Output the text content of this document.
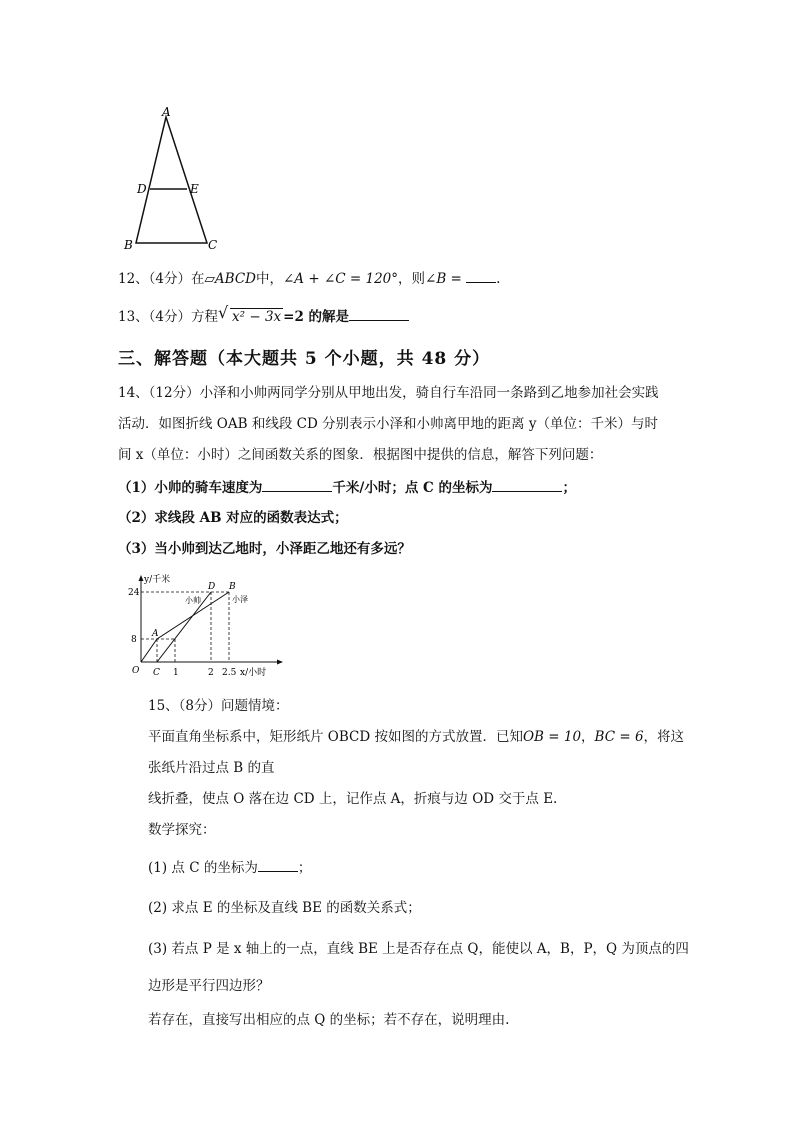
A
D	E
B	C
12、（4分）在▱ABCD中，∠A + ∠C = 120°，则∠B =	.
13、（4分）方程 √ x² − 3x =2 的解是
三、解答题（本大题共 5 个小题，共 48 分）
14、（12分）小泽和小帅两同学分别从甲地出发，骑自行车沿同一条路到乙地参加社会实践
活动．如图折线 OAB 和线段 CD 分别表示小泽和小帅离甲地的距离 y（单位：千米）与时
间 x（单位：小时）之间函数关系的图象．根据图中提供的信息，解答下列问题：
（1）小帅的骑车速度为	千米/小时；点 C 的坐标为	；
（2）求线段 AB 对应的函数表达式；
（3）当小帅到达乙地时，小泽距乙地还有多远？
y/千米
x/小时
24
8
O C 1	2 2.5
A
D B
小帅	小泽
15、（8分）问题情境：
平面直角坐标系中，矩形纸片 OBCD 按如图的方式放置．已知OB = 10，BC = 6，将这
张纸片沿过点 B 的直
线折叠，使点 O 落在边 CD 上，记作点 A，折痕与边 OD 交于点 E.
数学探究：
(1) 点 C 的坐标为	；
(2) 求点 E 的坐标及直线 BE 的函数关系式；
(3) 若点 P 是 x 轴上的一点，直线 BE 上是否存在点 Q，能使以 A，B，P，Q 为顶点的四
边形是平行四边形？
若存在，直接写出相应的点 Q 的坐标；若不存在，说明理由.
